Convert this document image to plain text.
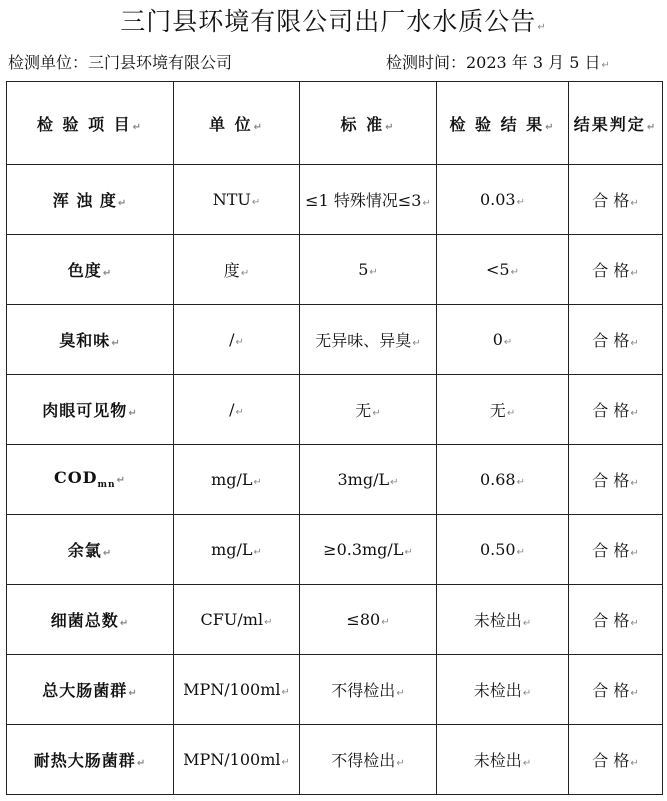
三门县环境有限公司出厂水水质公告↵
检测单位：三门县环境有限公司	检测时间：2023 年 3 月 5 日↵
检 验 项 目↵	单 位↵	标 准↵	检 验 结 果↵	结果判定↵
浑 浊 度↵	NTU↵	≤1 特殊情况≤3↵	0.03↵	合 格↵
色度↵	度↵	5↵	<5↵	合 格↵
臭和味↵	/↵	无异味、异臭↵	0↵	合 格↵
肉眼可见物↵	/↵	无↵	无↵	合 格↵
$COD_{mn}↵$	mg/L↵	3mg/L↵	0.68↵	合 格↵
余氯↵	mg/L↵	≥0.3mg/L↵	0.50↵	合 格↵
细菌总数↵	CFU/ml↵	≤80↵	未检出↵	合 格↵
总大肠菌群↵	MPN/100ml↵	不得检出↵	未检出↵	合 格↵
耐热大肠菌群↵	MPN/100ml↵	不得检出↵	未检出↵	合 格↵
